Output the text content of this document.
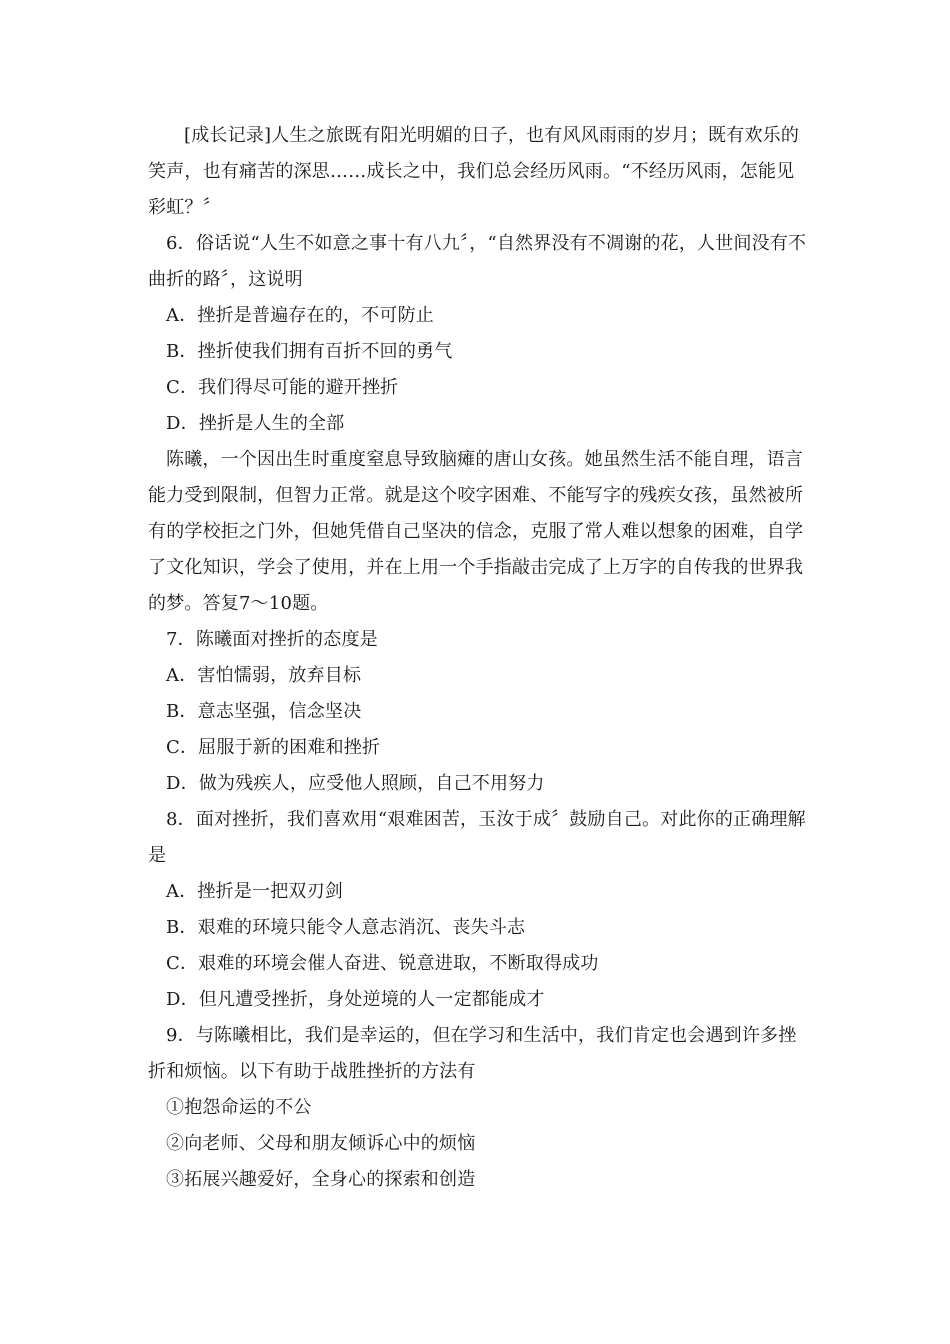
[成长记录]人生之旅既有阳光明媚的日子，也有风风雨雨的岁月；既有欢乐的笑声，也有痛苦的深思……成长之中，我们总会经历风雨。“不经历风雨，怎能见彩虹？〞

6．俗话说“人生不如意之事十有八九〞，“自然界没有不凋谢的花，人世间没有不曲折的路〞，这说明

A．挫折是普遍存在的，不可防止

B．挫折使我们拥有百折不回的勇气

C．我们得尽可能的避开挫折

D．挫折是人生的全部

陈曦，一个因出生时重度窒息导致脑瘫的唐山女孩。她虽然生活不能自理，语言能力受到限制，但智力正常。就是这个咬字困难、不能写字的残疾女孩，虽然被所有的学校拒之门外，但她凭借自己坚决的信念，克服了常人难以想象的困难，自学了文化知识，学会了使用，并在上用一个手指敲击完成了上万字的自传我的世界我的梦。答复7～10题。

7．陈曦面对挫折的态度是

A．害怕懦弱，放弃目标

B．意志坚强，信念坚决

C．屈服于新的困难和挫折

D．做为残疾人，应受他人照顾，自己不用努力

8．面对挫折，我们喜欢用“艰难困苦，玉汝于成〞鼓励自己。对此你的正确理解是

A．挫折是一把双刃剑

B．艰难的环境只能令人意志消沉、丧失斗志

C．艰难的环境会催人奋进、锐意进取，不断取得成功

D．但凡遭受挫折，身处逆境的人一定都能成才

9．与陈曦相比，我们是幸运的，但在学习和生活中，我们肯定也会遇到许多挫折和烦恼。以下有助于战胜挫折的方法有

①抱怨命运的不公

②向老师、父母和朋友倾诉心中的烦恼

③拓展兴趣爱好，全身心的探索和创造
